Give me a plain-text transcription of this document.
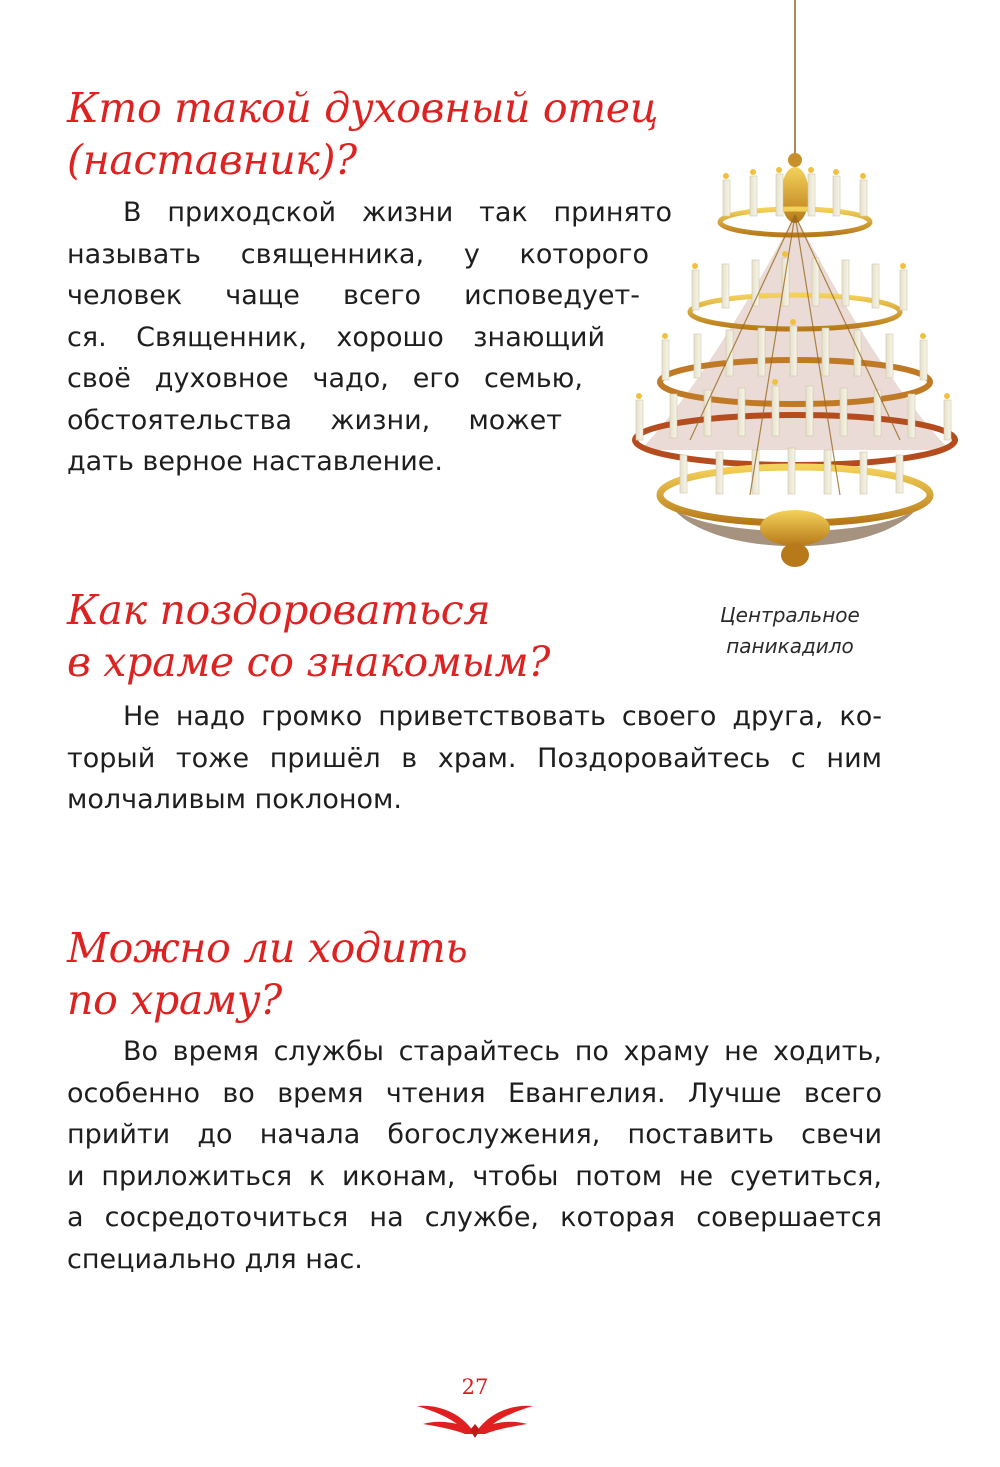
Кто такой духовный отец
(наставник)?
В приходской жизни так принято
называть священника, у которого
человек чаще всего исповедует-
ся. Священник, хорошо знающий
своё духовное чадо, его семью,
обстоятельства жизни, может
дать верное наставление.
Центральное
паникадило
Как поздороваться
в храме со знакомым?
Не надо громко приветствовать своего друга, ко-
торый тоже пришёл в храм. Поздоровайтесь с ним
молчаливым поклоном.
Можно ли ходить
по храму?
Во время службы старайтесь по храму не ходить,
особенно во время чтения Евангелия. Лучше всего
прийти до начала богослужения, поставить свечи
и приложиться к иконам, чтобы потом не суетиться,
а сосредоточиться на службе, которая совершается
специально для нас.
27
